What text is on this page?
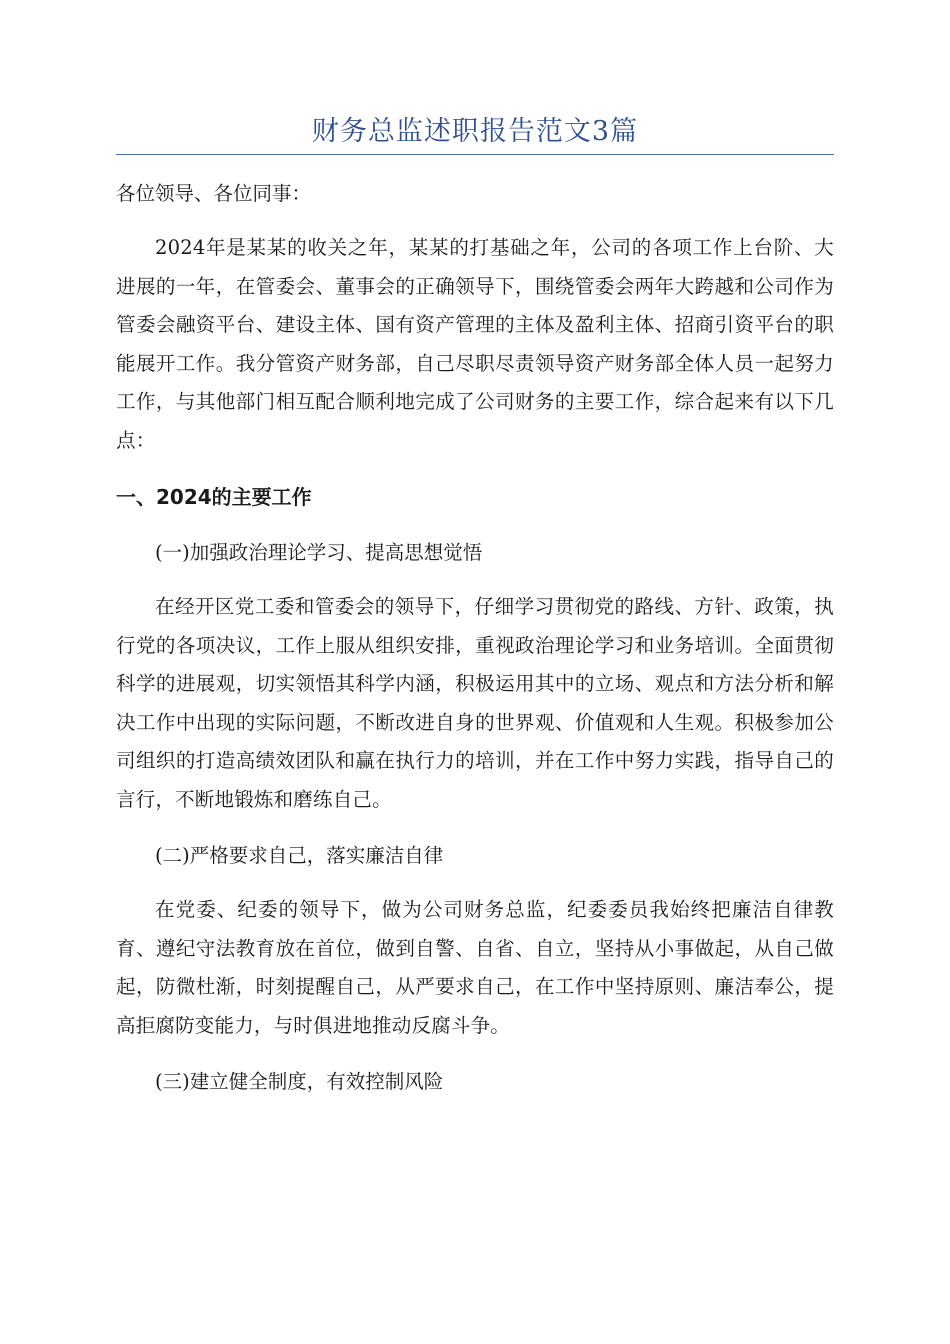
财务总监述职报告范文3篇

各位领导、各位同事：

2024年是某某的收关之年，某某的打基础之年，公司的各项工作上台阶、大进展的一年，在管委会、董事会的正确领导下，围绕管委会两年大跨越和公司作为管委会融资平台、建设主体、国有资产管理的主体及盈利主体、招商引资平台的职能展开工作。我分管资产财务部，自己尽职尽责领导资产财务部全体人员一起努力工作，与其他部门相互配合顺利地完成了公司财务的主要工作，综合起来有以下几点：

一、2024的主要工作

(一)加强政治理论学习、提高思想觉悟

在经开区党工委和管委会的领导下，仔细学习贯彻党的路线、方针、政策，执行党的各项决议，工作上服从组织安排，重视政治理论学习和业务培训。全面贯彻科学的进展观，切实领悟其科学内涵，积极运用其中的立场、观点和方法分析和解决工作中出现的实际问题，不断改进自身的世界观、价值观和人生观。积极参加公司组织的打造高绩效团队和赢在执行力的培训，并在工作中努力实践，指导自己的言行，不断地锻炼和磨练自己。

(二)严格要求自己，落实廉洁自律

在党委、纪委的领导下，做为公司财务总监，纪委委员我始终把廉洁自律教育、遵纪守法教育放在首位，做到自警、自省、自立，坚持从小事做起，从自己做起，防微杜渐，时刻提醒自己，从严要求自己，在工作中坚持原则、廉洁奉公，提高拒腐防变能力，与时俱进地推动反腐斗争。

(三)建立健全制度，有效控制风险
